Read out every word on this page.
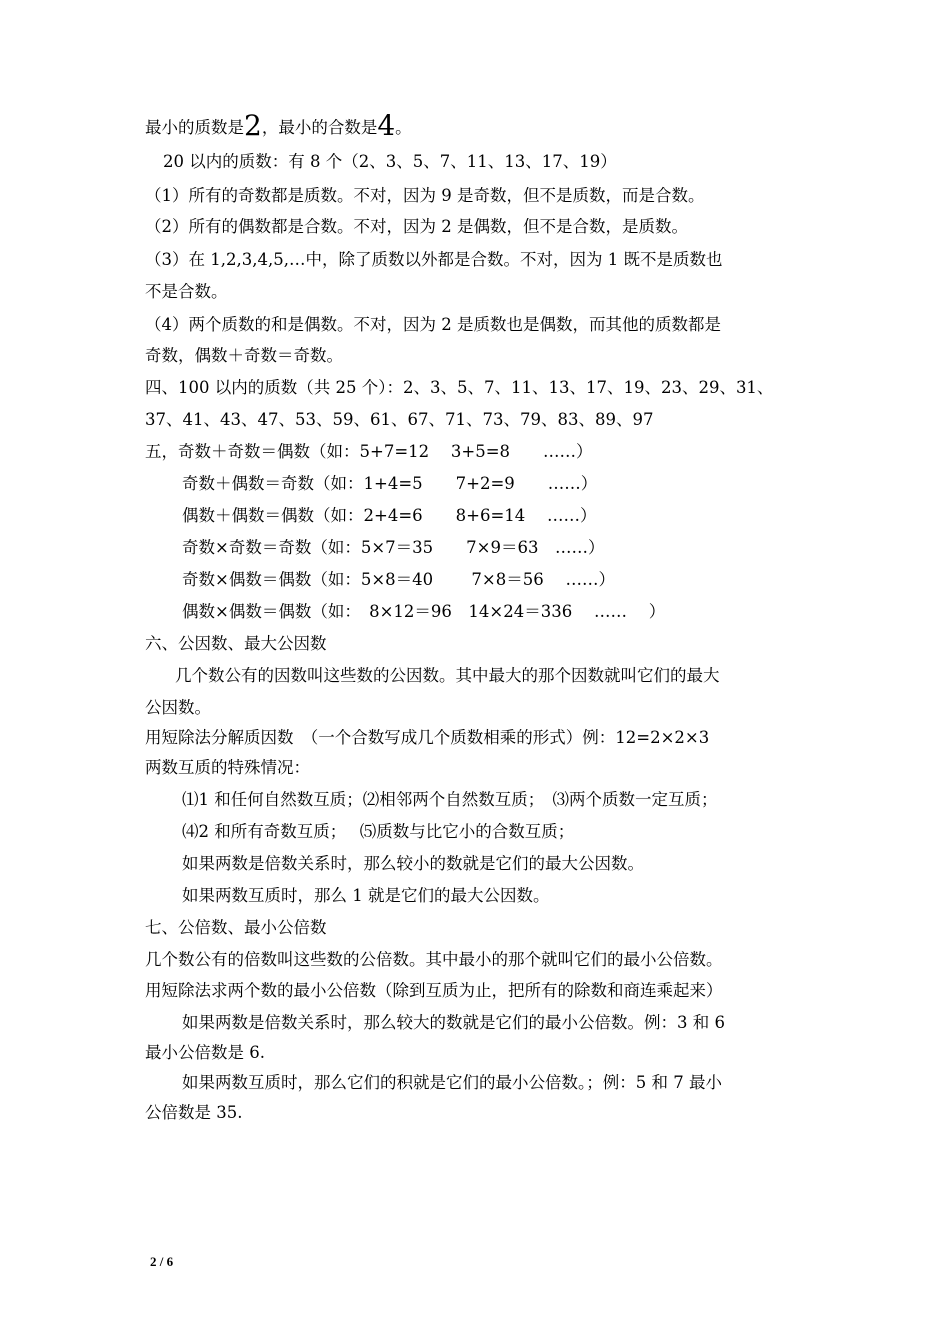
最小的质数是2，最小的合数是4。
20 以内的质数：有 8 个（2、3、5、7、11、13、17、19）
（1）所有的奇数都是质数。不对，因为 9 是奇数，但不是质数，而是合数。
（2）所有的偶数都是合数。不对，因为 2 是偶数，但不是合数，是质数。
（3）在 1,2,3,4,5,…中，除了质数以外都是合数。不对，因为 1 既不是质数也
不是合数。
（4）两个质数的和是偶数。不对，因为 2 是质数也是偶数，而其他的质数都是
奇数，偶数＋奇数＝奇数。
四、100 以内的质数（共 25 个）：2、3、5、7、11、13、17、19、23、29、31、
37、41、43、47、53、59、61、67、71、73、79、83、89、97
五，奇数＋奇数＝偶数（如：5+7=12　 3+5=8　　……）
奇数＋偶数＝奇数（如：1+4=5　　7+2=9　　……）
偶数＋偶数＝偶数（如：2+4=6　　8+6=14　 ……）
奇数×奇数＝奇数（如：5×7＝35　　7×9＝63　……）
奇数×偶数＝偶数（如：5×8＝40　　 7×8＝56　 ……）
偶数×偶数＝偶数（如：　8×12＝96　14×24＝336　 ……　 ）
六、公因数、最大公因数
几个数公有的因数叫这些数的公因数。其中最大的那个因数就叫它们的最大
公因数。
用短除法分解质因数　（一个合数写成几个质数相乘的形式）例：12=2×2×3
两数互质的特殊情况：
⑴1 和任何自然数互质；⑵相邻两个自然数互质；　⑶两个质数一定互质；
⑷2 和所有奇数互质；　 ⑸质数与比它小的合数互质；
如果两数是倍数关系时，那么较小的数就是它们的最大公因数。
如果两数互质时，那么 1 就是它们的最大公因数。
七、公倍数、最小公倍数
几个数公有的倍数叫这些数的公倍数。其中最小的那个就叫它们的最小公倍数。
用短除法求两个数的最小公倍数（除到互质为止，把所有的除数和商连乘起来）
如果两数是倍数关系时，那么较大的数就是它们的最小公倍数。例：3 和 6
最小公倍数是 6.
如果两数互质时，那么它们的积就是它们的最小公倍数。；例：5 和 7 最小
公倍数是 35.
2 / 6
